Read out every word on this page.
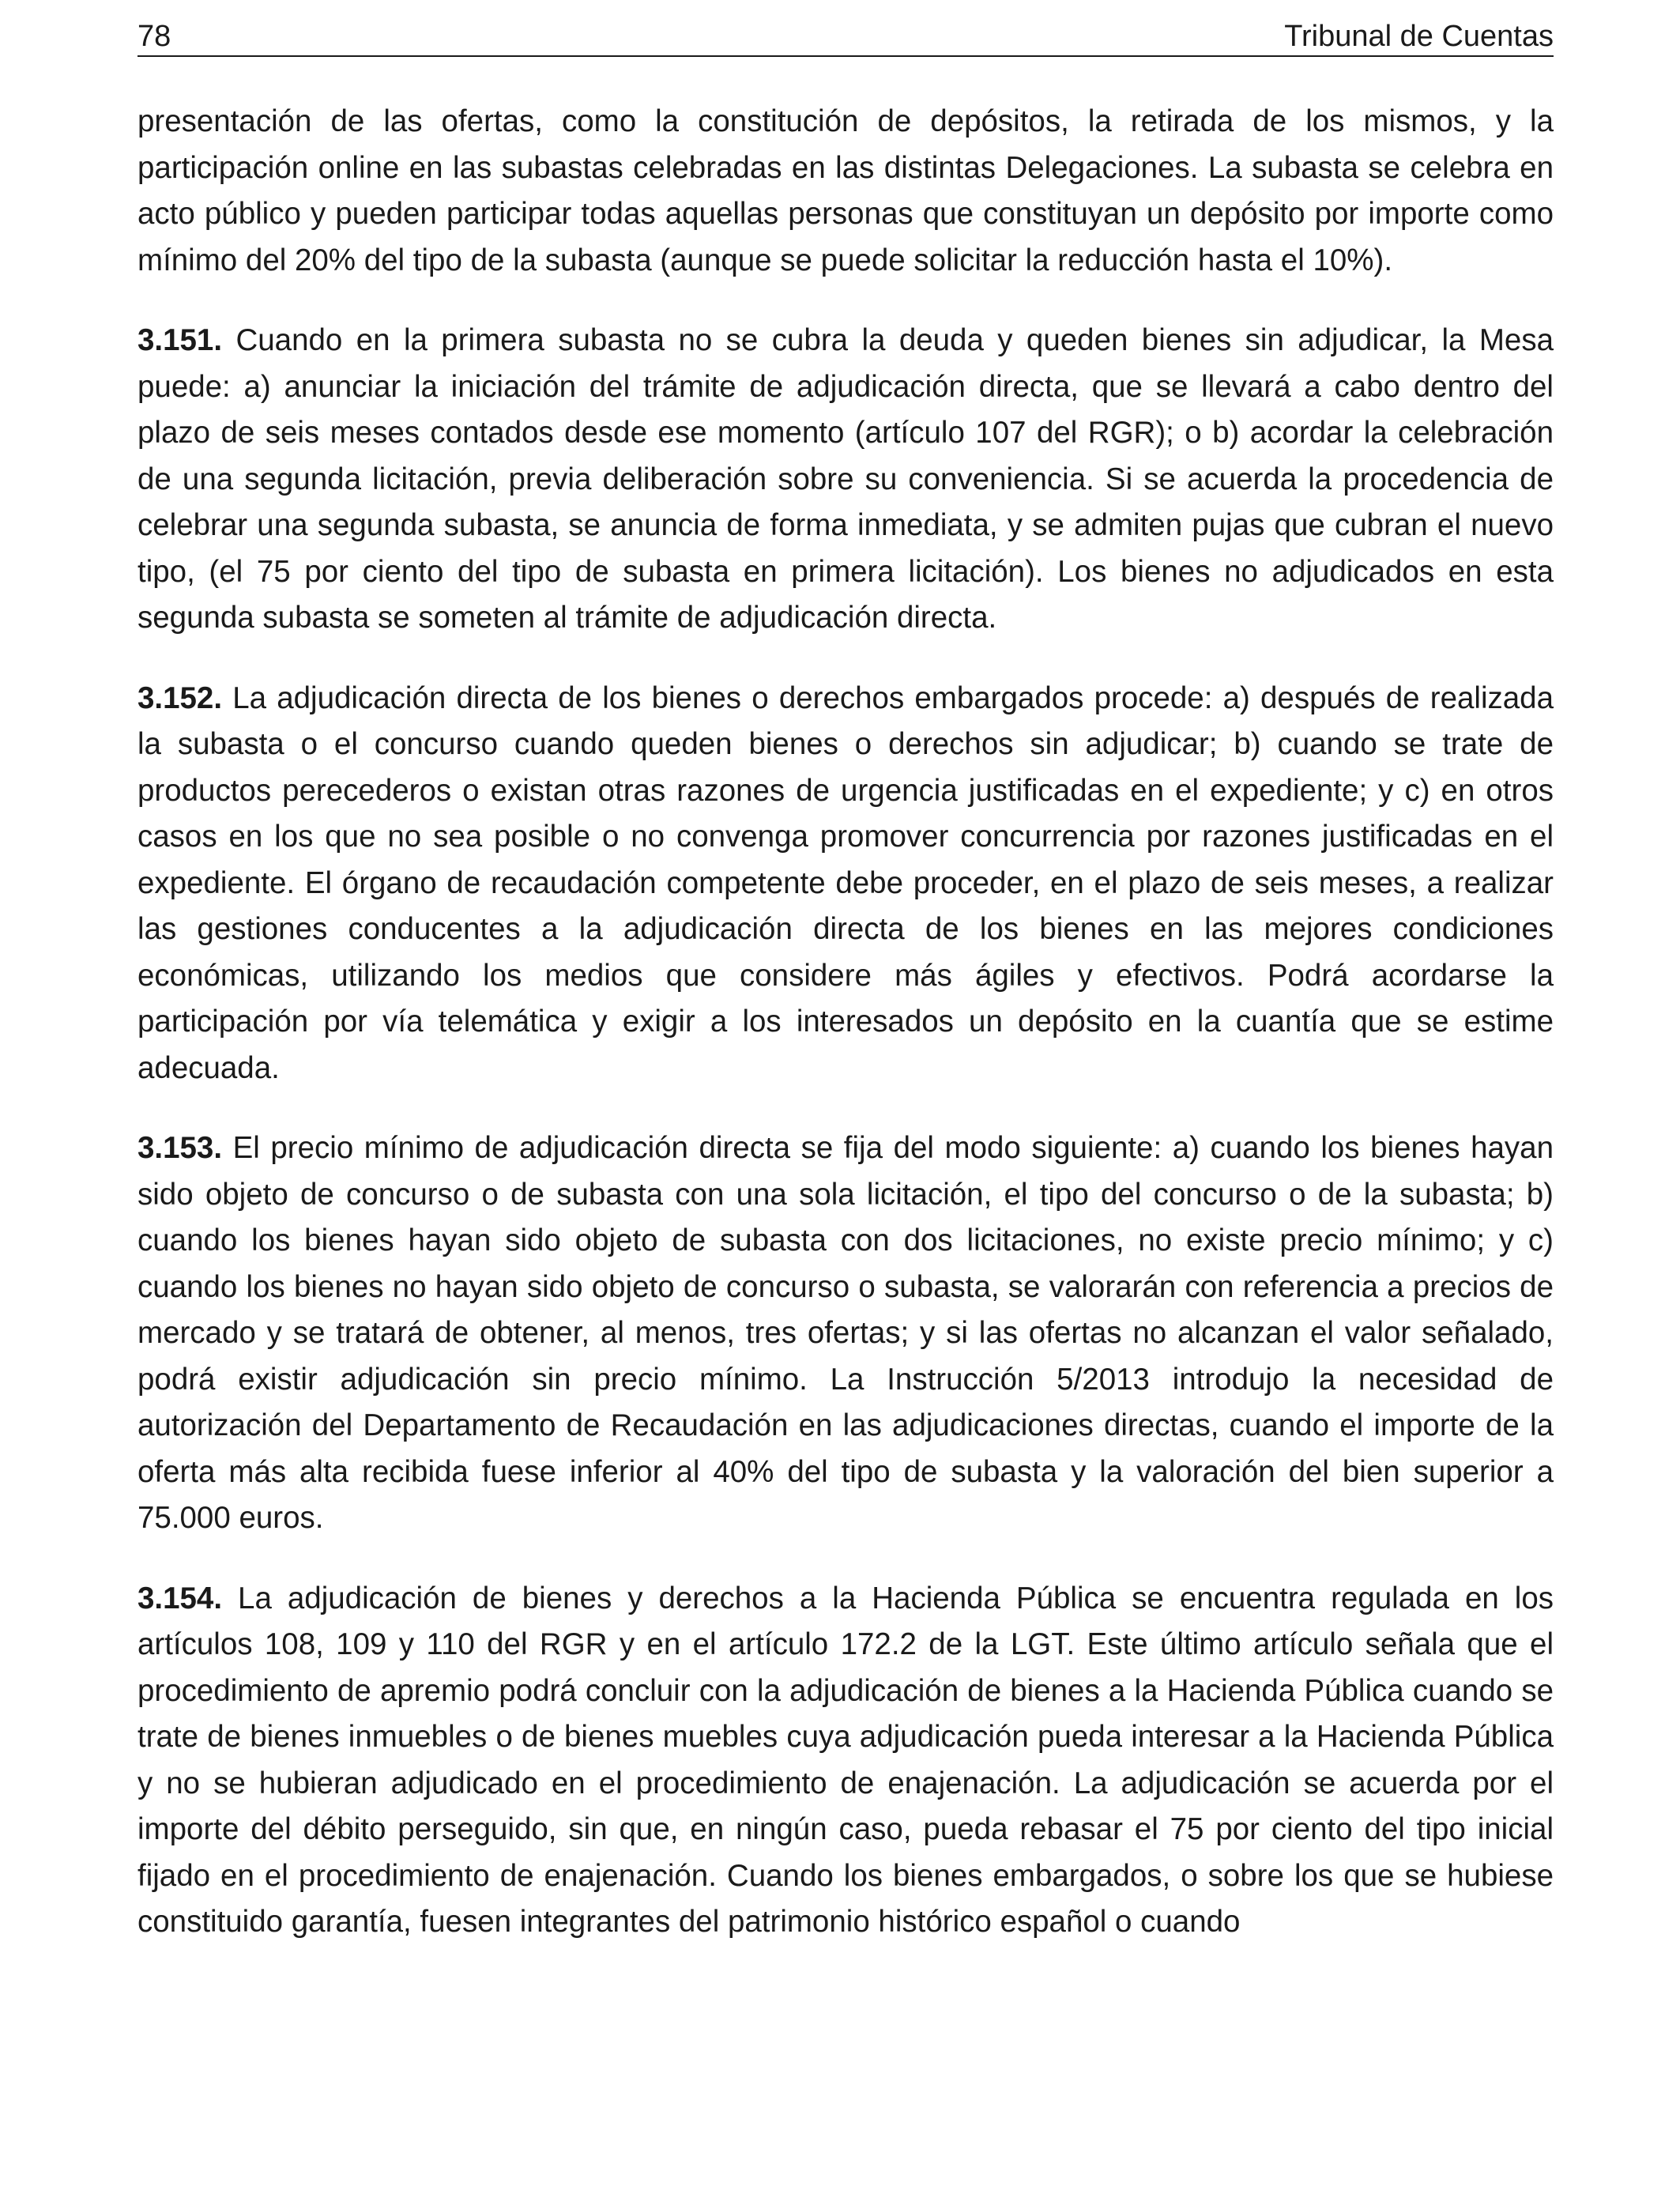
78	Tribunal de Cuentas

presentación de las ofertas, como la constitución de depósitos, la retirada de los mismos, y la participación online en las subastas celebradas en las distintas Delegaciones. La subasta se celebra en acto público y pueden participar todas aquellas personas que constituyan un depósito por importe como mínimo del 20% del tipo de la subasta (aunque se puede solicitar la reducción hasta el 10%).

3.151. Cuando en la primera subasta no se cubra la deuda y queden bienes sin adjudicar, la Mesa puede: a) anunciar la iniciación del trámite de adjudicación directa, que se llevará a cabo dentro del plazo de seis meses contados desde ese momento (artículo 107 del RGR); o b) acordar la celebración de una segunda licitación, previa deliberación sobre su conveniencia. Si se acuerda la procedencia de celebrar una segunda subasta, se anuncia de forma inmediata, y se admiten pujas que cubran el nuevo tipo, (el 75 por ciento del tipo de subasta en primera licitación). Los bienes no adjudicados en esta segunda subasta se someten al trámite de adjudicación directa.

3.152. La adjudicación directa de los bienes o derechos embargados procede: a) después de realizada la subasta o el concurso cuando queden bienes o derechos sin adjudicar; b) cuando se trate de productos perecederos o existan otras razones de urgencia justificadas en el expediente; y c) en otros casos en los que no sea posible o no convenga promover concurrencia por razones justificadas en el expediente. El órgano de recaudación competente debe proceder, en el plazo de seis meses, a realizar las gestiones conducentes a la adjudicación directa de los bienes en las mejores condiciones económicas, utilizando los medios que considere más ágiles y efectivos. Podrá acordarse la participación por vía telemática y exigir a los interesados un depósito en la cuantía que se estime adecuada.

3.153. El precio mínimo de adjudicación directa se fija del modo siguiente: a) cuando los bienes hayan sido objeto de concurso o de subasta con una sola licitación, el tipo del concurso o de la subasta; b) cuando los bienes hayan sido objeto de subasta con dos licitaciones, no existe precio mínimo; y c) cuando los bienes no hayan sido objeto de concurso o subasta, se valorarán con referencia a precios de mercado y se tratará de obtener, al menos, tres ofertas; y si las ofertas no alcanzan el valor señalado, podrá existir adjudicación sin precio mínimo. La Instrucción 5/2013 introdujo la necesidad de autorización del Departamento de Recaudación en las adjudicaciones directas, cuando el importe de la oferta más alta recibida fuese inferior al 40% del tipo de subasta y la valoración del bien superior a 75.000 euros.

3.154. La adjudicación de bienes y derechos a la Hacienda Pública se encuentra regulada en los artículos 108, 109 y 110 del RGR y en el artículo 172.2 de la LGT. Este último artículo señala que el procedimiento de apremio podrá concluir con la adjudicación de bienes a la Hacienda Pública cuando se trate de bienes inmuebles o de bienes muebles cuya adjudicación pueda interesar a la Hacienda Pública y no se hubieran adjudicado en el procedimiento de enajenación. La adjudicación se acuerda por el importe del débito perseguido, sin que, en ningún caso, pueda rebasar el 75 por ciento del tipo inicial fijado en el procedimiento de enajenación. Cuando los bienes embargados, o sobre los que se hubiese constituido garantía, fuesen integrantes del patrimonio histórico español o cuando
